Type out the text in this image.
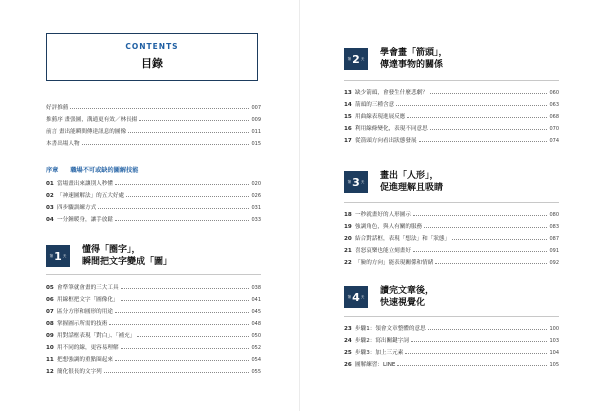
CONTENTS
目錄
好評推薦	007
推薦序 畫張圖，溝通更有效／林長揚	009
前言 畫出能瞬間傳達訊息的圖像	011
本書出場人物	015
序章 職場不可或缺的圖解技能
01 當場畫出來讓別人秒懂	020
02 「神速圖解法」的五大好處	026
03 四步驟訓練方式	031
04 一分鐘暖身，讓手放鬆	033
第 1 天
懂得「圈字」，
瞬間把文字變成「圖」
05 會準筆就會畫的三大工具	038
06 用線框把文字「圖像化」	041
07 區分方形和圓形的用途	045
08 掌握圖示所需的技術	048
09 用對話框表現「對白」、「補充」	050
10 用不同的線，更容易理解	052
11 把想強調的重點圈起來	054
12 簡化很長的文字列	055
第 2 天
學會畫「箭頭」，
傳達事物的關係
13 缺少箭頭，會發生什麼悲劇？	060
14 箭頭的三種含意	063
15 用曲線表現進展反應	068
16 利用線條變化，表現不同意思	070
17 從箭頭方向看出狀態發展	074
第 3 天
畫出「人形」，
促進理解且吸睛
18 一秒就畫好的人形圖示	080
19 強調角色，與人有關的服務	083
20 結合對話框，表現「想法」和「狀態」	087
21 喜怒哀樂也能立刻畫好	091
22 「臉的方向」能表現關係和情緒	092
第 4 天
讀完文章後，
快速視覺化
23 步驟1：領會文章整體的意思	100
24 步驟2：寫出關鍵字詞	103
25 步驟3：加上三元素	104
26 圖解練習：LINE	105
